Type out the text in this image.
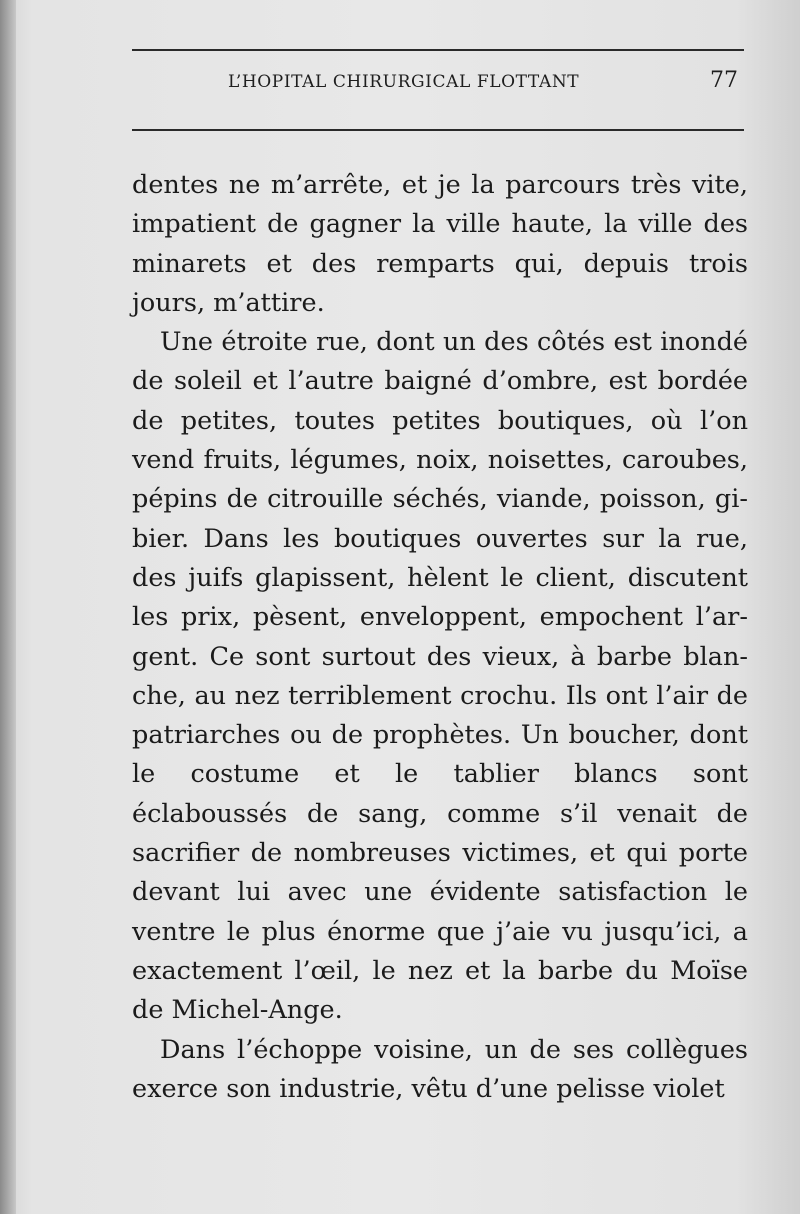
L’HOPITAL CHIRURGICAL FLOTTANT	77

dentes ne m’arrête, et je la parcours très vite, impatient de gagner la ville haute, la ville des minarets et des remparts qui, depuis trois jours, m’attire.

Une étroite rue, dont un des côtés est inondé de soleil et l’autre baigné d’ombre, est bordée de petites, toutes petites boutiques, où l’on vend fruits, légumes, noix, noisettes, caroubes, pépins de citrouille séchés, viande, poisson, gibier. Dans les boutiques ouvertes sur la rue, des juifs glapissent, hèlent le client, discutent les prix, pèsent, enveloppent, empochent l’argent. Ce sont surtout des vieux, à barbe blanche, au nez terriblement crochu. Ils ont l’air de patriarches ou de prophètes. Un boucher, dont le costume et le tablier blancs sont éclaboussés de sang, comme s’il venait de sacrifier de nombreuses victimes, et qui porte devant lui avec une évidente satisfaction le ventre le plus énorme que j’aie vu jusqu’ici, a exactement l’œil, le nez et la barbe du Moïse de Michel-Ange.

Dans l’échoppe voisine, un de ses collègues exerce son industrie, vêtu d’une pelisse violet
